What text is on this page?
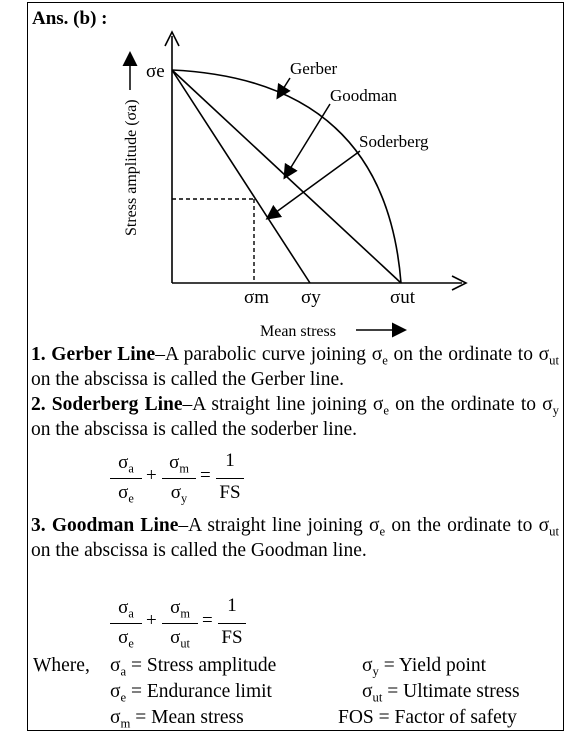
Ans. (b) :
Gerber
Goodman
Soderberg
σe
σm σy	σut
Stress amplitude (σa)
Mean stress
1. Gerber Line–A parabolic curve joining $\sigma_e$ on the ordinate to $\sigma_{ut}$ on the abscissa is called the Gerber line.
2. Soderberg Line–A straight line joining $\sigma_e$ on the ordinate to $\sigma_y$ on the abscissa is called the soderber line.
$\sigma_a$
$\sigma_e$
+
$\sigma_m$
$\sigma_y$
=
1
FS
3. Goodman Line–A straight line joining $\sigma_e$ on the ordinate to $\sigma_{ut}$ on the abscissa is called the Goodman line.
$\sigma_a$
$\sigma_e$
+
$\sigma_m$
$\sigma_{ut}$
=
1
FS
Where, $\sigma_a$ = Stress amplitude
$\sigma_e$ = Endurance limit
$\sigma_m$ = Mean stress
$\sigma_y$ = Yield point
$\sigma_{ut}$ = Ultimate stress
FOS = Factor of safety
